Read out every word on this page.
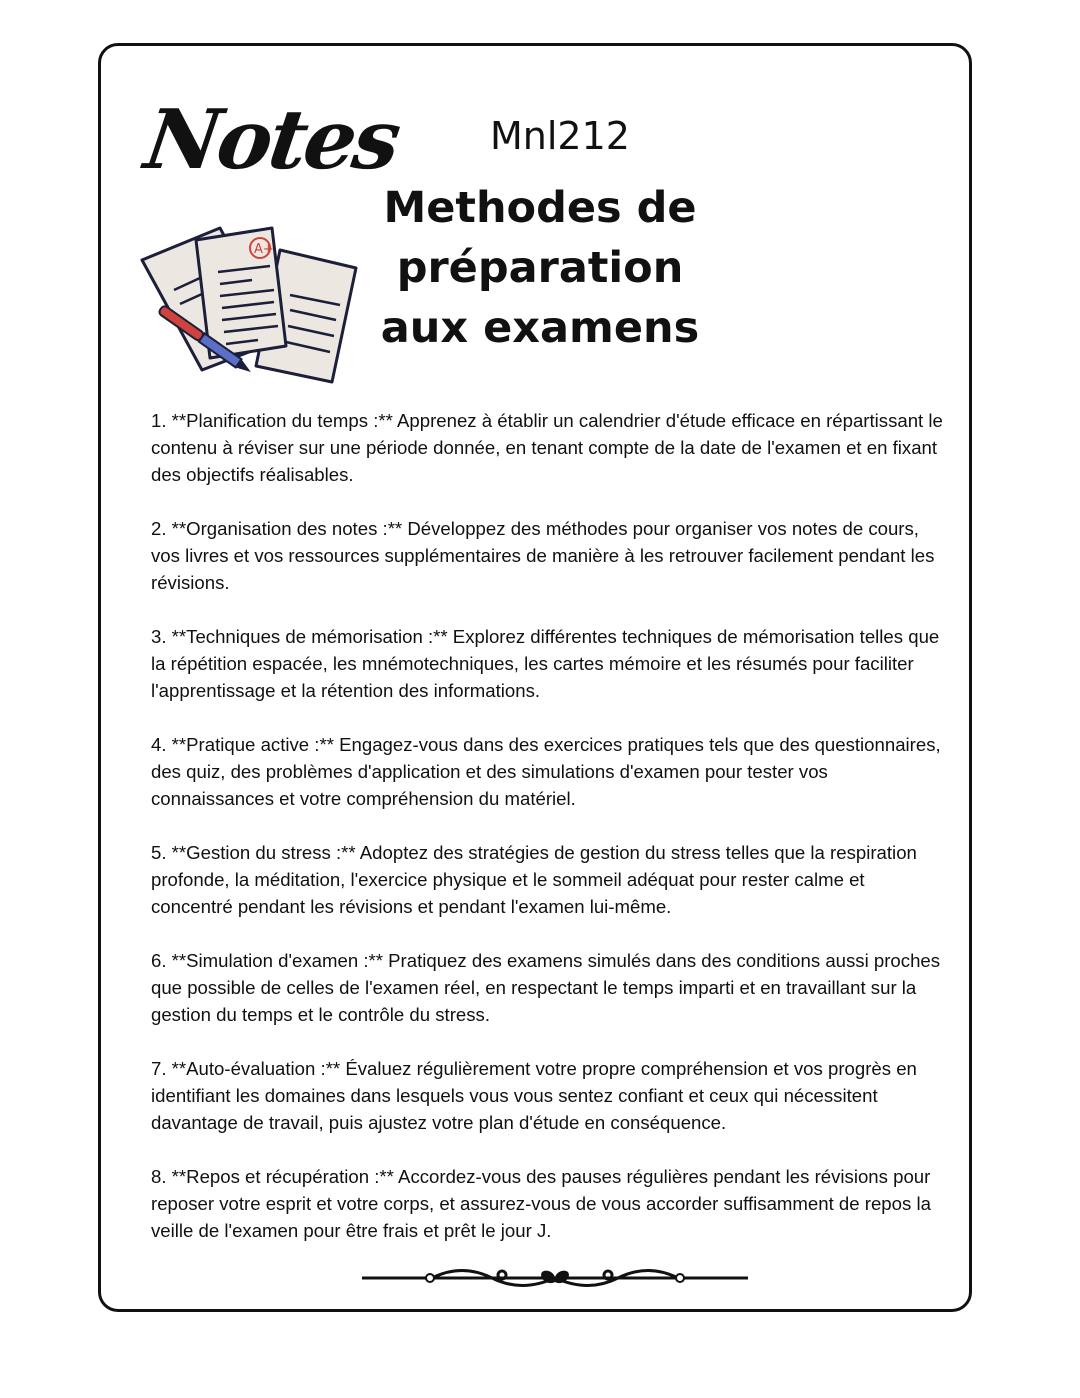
Notes Mnl212
A+
Methodes de préparation
aux examens

1. **Planification du temps :** Apprenez à établir un calendrier d'étude efficace en répartissant le contenu à réviser sur une période donnée, en tenant compte de la date de l'examen et en fixant des objectifs réalisables.

2. **Organisation des notes :** Développez des méthodes pour organiser vos notes de cours, vos livres et vos ressources supplémentaires de manière à les retrouver facilement pendant les révisions.

3. **Techniques de mémorisation :** Explorez différentes techniques de mémorisation telles que la répétition espacée, les mnémotechniques, les cartes mémoire et les résumés pour faciliter l'apprentissage et la rétention des informations.

4. **Pratique active :** Engagez-vous dans des exercices pratiques tels que des questionnaires, des quiz, des problèmes d'application et des simulations d'examen pour tester vos connaissances et votre compréhension du matériel.

5. **Gestion du stress :** Adoptez des stratégies de gestion du stress telles que la respiration profonde, la méditation, l'exercice physique et le sommeil adéquat pour rester calme et concentré pendant les révisions et pendant l'examen lui-même.

6. **Simulation d'examen :** Pratiquez des examens simulés dans des conditions aussi proches que possible de celles de l'examen réel, en respectant le temps imparti et en travaillant sur la gestion du temps et le contrôle du stress.

7. **Auto-évaluation :** Évaluez régulièrement votre propre compréhension et vos progrès en identifiant les domaines dans lesquels vous vous sentez confiant et ceux qui nécessitent davantage de travail, puis ajustez votre plan d'étude en conséquence.

8. **Repos et récupération :** Accordez-vous des pauses régulières pendant les révisions pour reposer votre esprit et votre corps, et assurez-vous de vous accorder suffisamment de repos la veille de l'examen pour être frais et prêt le jour J.
